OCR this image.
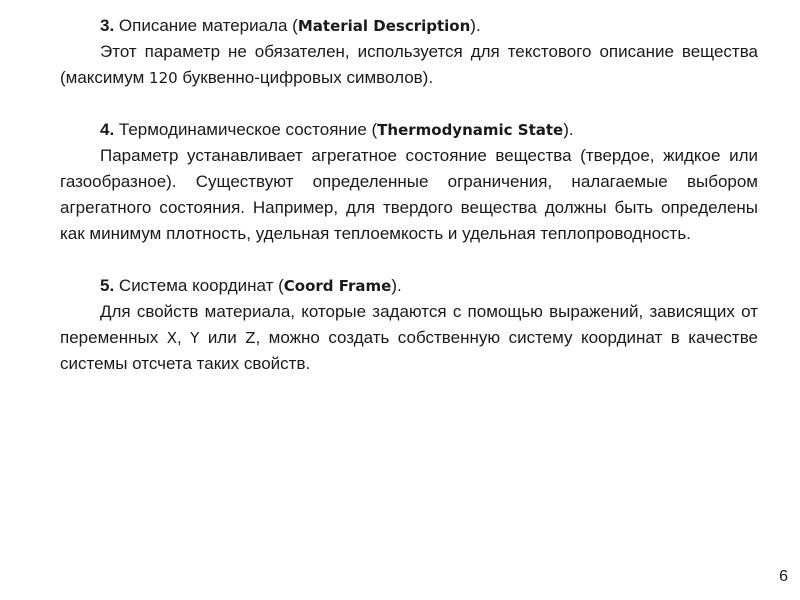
3. Описание материала (Material Description).

Этот параметр не обязателен, используется для текстового описание вещества (максимум 120 буквенно-цифровых символов).

4. Термодинамическое состояние (Thermodynamic State).

Параметр устанавливает агрегатное состояние вещества (твердое, жидкое или газообразное). Существуют определенные ограничения, налагаемые выбором агрегатного состояния. Например, для твердого вещества должны быть определены как минимум плотность, удельная теплоемкость и удельная теплопроводность.

5. Система координат (Coord Frame).

Для свойств материала, которые задаются с помощью выражений, зависящих от переменных X, Y или Z, можно создать собственную систему координат в качестве системы отсчета таких свойств.

6
